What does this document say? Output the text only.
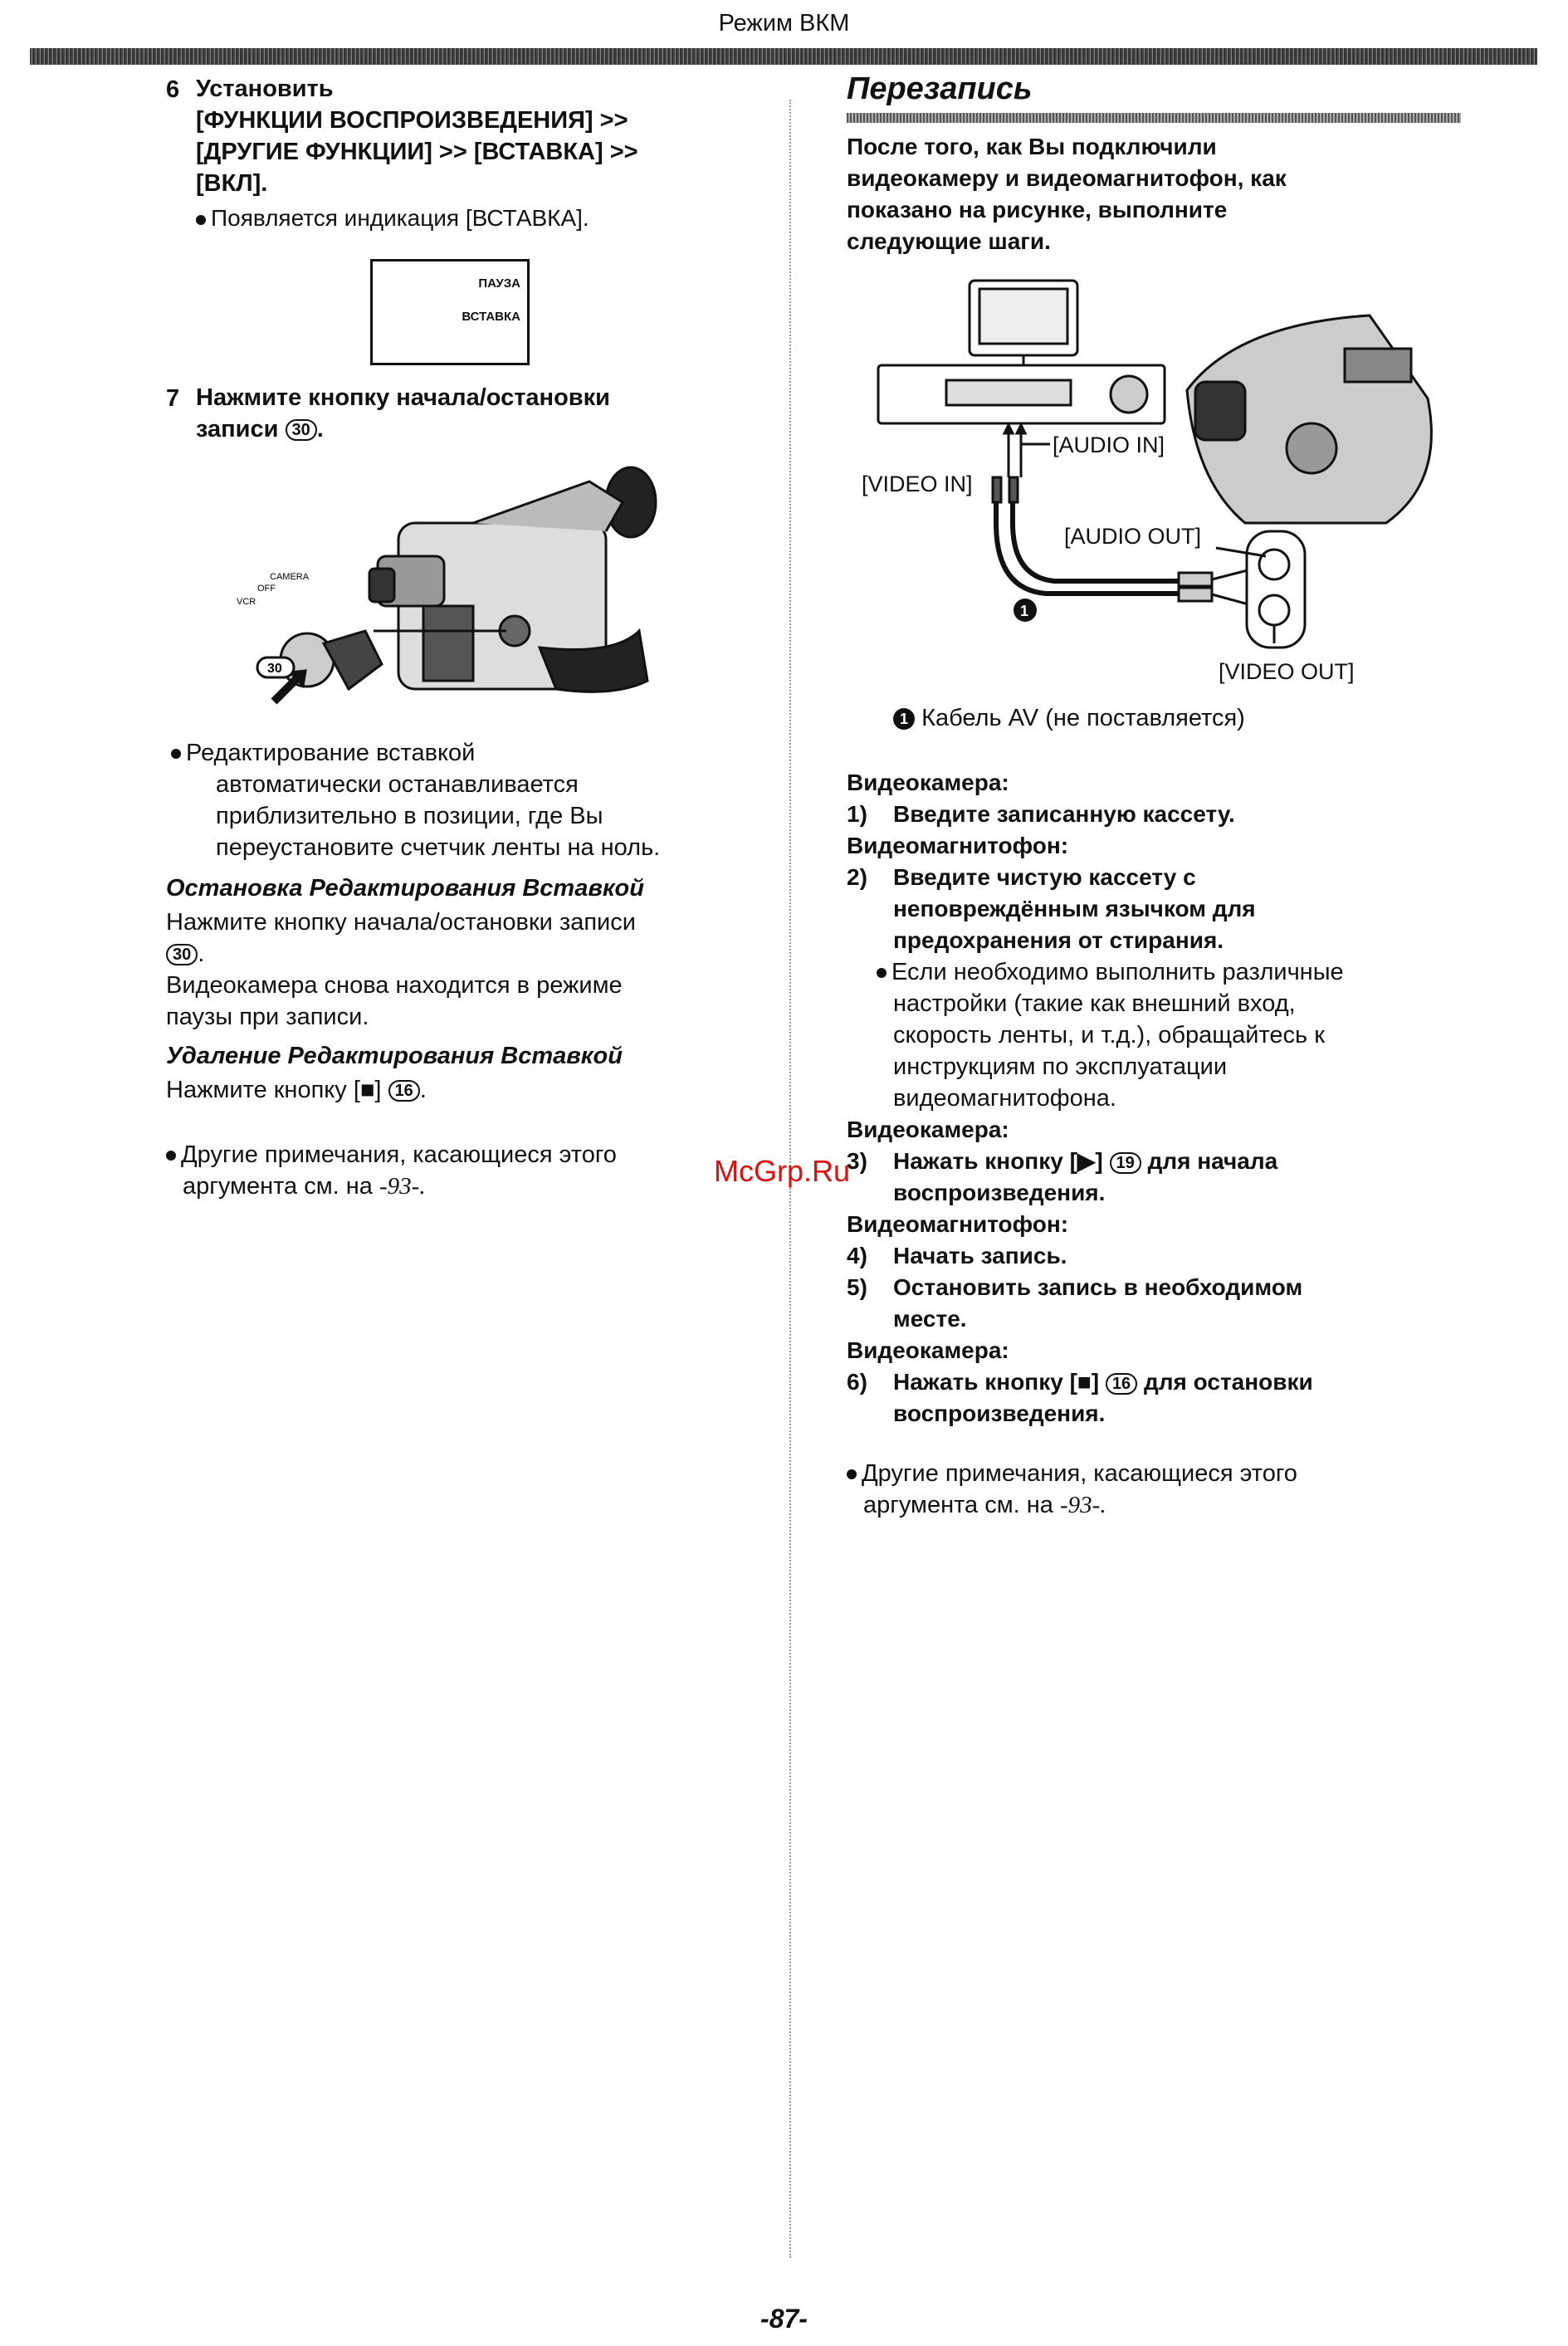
Режим ВКМ
6 Установить
[ФУНКЦИИ ВОСПРОИЗВЕДЕНИЯ] >>
[ДРУГИЕ ФУНКЦИИ] >> [ВСТАВКА] >>
[ВКЛ].
Появляется индикация [ВСТАВКА].
ПАУЗА
ВСТАВКА
7 Нажмите кнопку начала/остановки
записи 30 .
30
CAMERA
OFF
VCR
Редактирование вставкой
автоматически останавливается
приблизительно в позиции, где Вы
переустановите счетчик ленты на ноль.
Остановка Редактирования Вставкой
Нажмите кнопку начала/остановки записи
30 .
Видеокамера снова находится в режиме
паузы при записи.
Удаление Редактирования Вставкой
Нажмите кнопку [■] 16 .
Другие примечания, касающиеся этого
аргумента см. на -93-.
Перезапись
После того, как Вы подключили
видеокамеру и видеомагнитофон, как
показано на рисунке, выполните
следующие шаги.
[AUDIO IN]
[VIDEO IN]
[AUDIO OUT]
[VIDEO OUT]
1
1 Кабель AV (не поставляется)
Видеокамера:
1) Введите записанную кассету.
Видеомагнитофон:
2) Введите чистую кассету с
неповреждённым язычком для
предохранения от стирания.
Если необходимо выполнить различные
настройки (такие как внешний вход,
скорость ленты, и т.д.), обращайтесь к
инструкциям по эксплуатации
видеомагнитофона.
Видеокамера:
3) Нажать кнопку [▶] 19 для начала
воспроизведения.
Видеомагнитофон:
4) Начать запись.
5) Остановить запись в необходимом
месте.
Видеокамера:
6) Нажать кнопку [■] 16 для остановки
воспроизведения.
Другие примечания, касающиеся этого
аргумента см. на -93-.
McGrp.Ru
-87-
